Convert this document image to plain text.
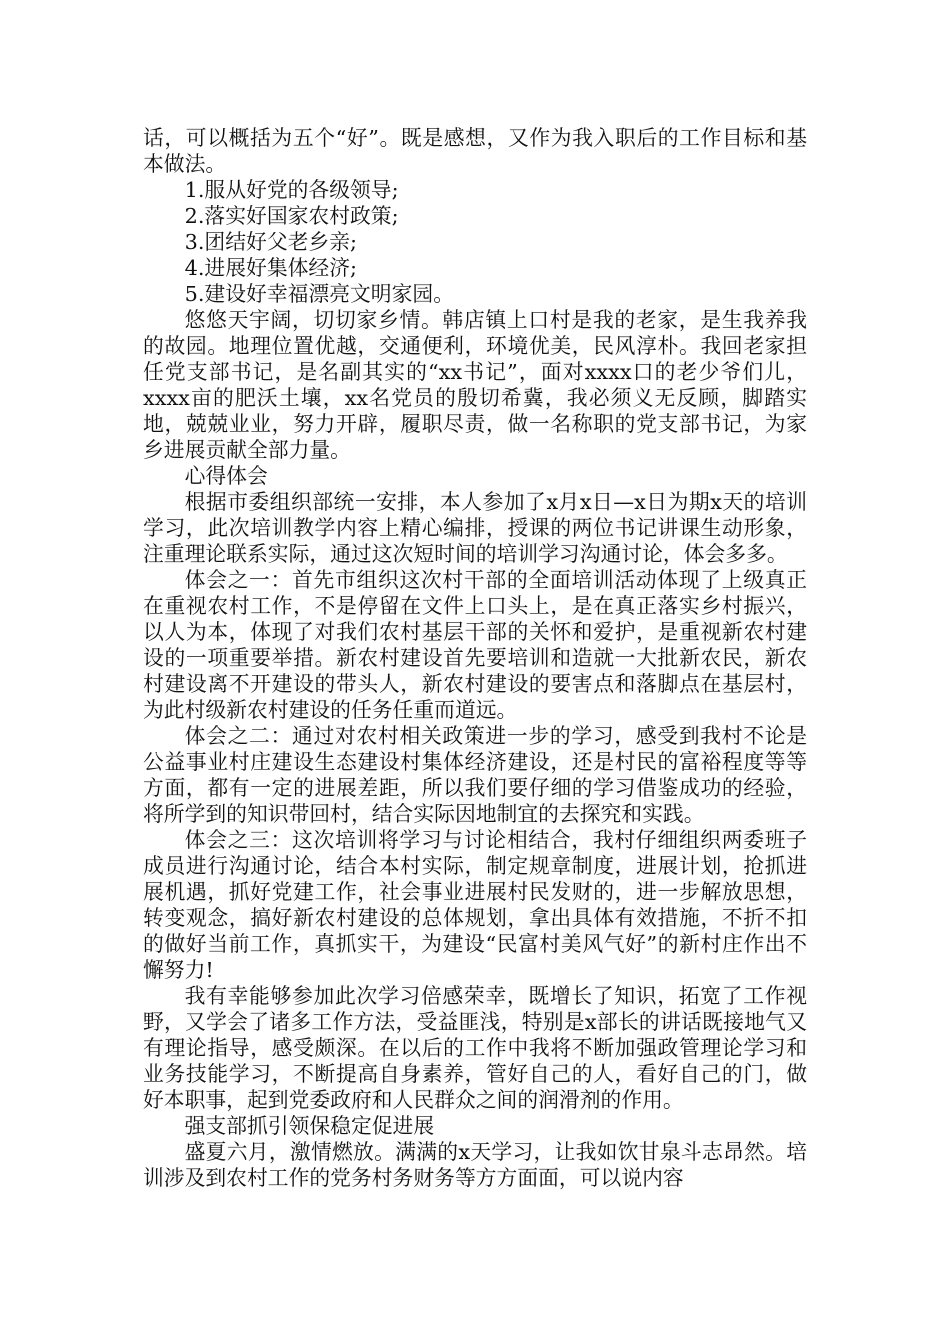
话，可以概括为五个“好”。既是感想，又作为我入职后的工作目标和基本做法。

1.服从好党的各级领导;

2.落实好国家农村政策;

3.团结好父老乡亲;

4.进展好集体经济;

5.建设好幸福漂亮文明家园。

悠悠天宇阔，切切家乡情。韩店镇上口村是我的老家，是生我养我的故园。地理位置优越，交通便利，环境优美，民风淳朴。我回老家担任党支部书记，是名副其实的“xx书记”，面对xxxx口的老少爷们儿，xxxx亩的肥沃土壤，xx名党员的殷切希冀，我必须义无反顾，脚踏实地，兢兢业业，努力开辟，履职尽责，做一名称职的党支部书记，为家乡进展贡献全部力量。

心得体会

根据市委组织部统一安排，本人参加了x月x日—x日为期x天的培训学习，此次培训教学内容上精心编排，授课的两位书记讲课生动形象，注重理论联系实际，通过这次短时间的培训学习沟通讨论，体会多多。

体会之一：首先市组织这次村干部的全面培训活动体现了上级真正在重视农村工作，不是停留在文件上口头上，是在真正落实乡村振兴，以人为本，体现了对我们农村基层干部的关怀和爱护，是重视新农村建设的一项重要举措。新农村建设首先要培训和造就一大批新农民，新农村建设离不开建设的带头人，新农村建设的要害点和落脚点在基层村，为此村级新农村建设的任务任重而道远。

体会之二：通过对农村相关政策进一步的学习，感受到我村不论是公益事业村庄建设生态建设村集体经济建设，还是村民的富裕程度等等方面，都有一定的进展差距，所以我们要仔细的学习借鉴成功的经验，将所学到的知识带回村，结合实际因地制宜的去探究和实践。

体会之三：这次培训将学习与讨论相结合，我村仔细组织两委班子成员进行沟通讨论，结合本村实际，制定规章制度，进展计划，抢抓进展机遇，抓好党建工作，社会事业进展村民发财的，进一步解放思想，转变观念，搞好新农村建设的总体规划，拿出具体有效措施，不折不扣的做好当前工作，真抓实干，为建设“民富村美风气好”的新村庄作出不懈努力!

我有幸能够参加此次学习倍感荣幸，既增长了知识，拓宽了工作视野，又学会了诸多工作方法，受益匪浅，特别是x部长的讲话既接地气又有理论指导，感受颇深。在以后的工作中我将不断加强政管理论学习和业务技能学习，不断提高自身素养，管好自己的人，看好自己的门，做好本职事，起到党委政府和人民群众之间的润滑剂的作用。

强支部抓引领保稳定促进展

盛夏六月，激情燃放。满满的x天学习，让我如饮甘泉斗志昂然。培训涉及到农村工作的党务村务财务等方方面面，可以说内容
